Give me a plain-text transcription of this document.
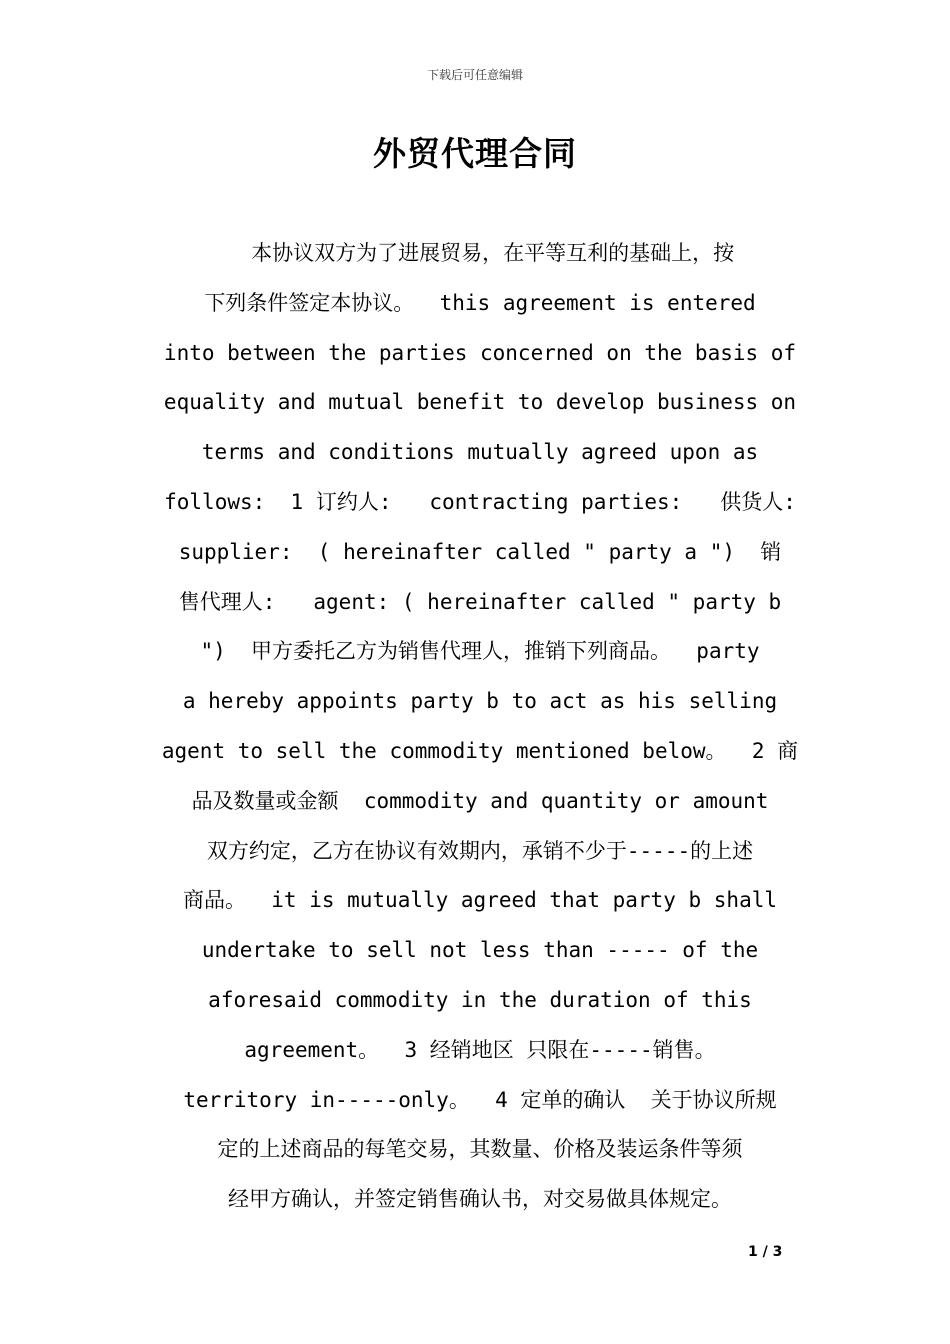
下载后可任意编辑
外贸代理合同
本协议双方为了进展贸易，在平等互利的基础上，按
下列条件签定本协议。  this agreement is entered
into between the parties concerned on the basis of
equality and mutual benefit to develop business on
terms and conditions mutually agreed upon as
follows:  1 订约人:   contracting parties:   供货人:
supplier:  ( hereinafter called " party a ")  销
售代理人:   agent: ( hereinafter called " party b
")  甲方委托乙方为销售代理人，推销下列商品。  party
a hereby appoints party b to act as his selling
agent to sell the commodity mentioned below。  2 商
品及数量或金额  commodity and quantity or amount
双方约定，乙方在协议有效期内，承销不少于-----的上述
商品。  it is mutually agreed that party b shall
undertake to sell not less than ----- of the
aforesaid commodity in the duration of this
agreement。  3 经销地区 只限在-----销售。
territory in-----only。  4 定单的确认  关于协议所规
定的上述商品的每笔交易，其数量、价格及装运条件等须
经甲方确认，并签定销售确认书，对交易做具体规定。
1 / 3
